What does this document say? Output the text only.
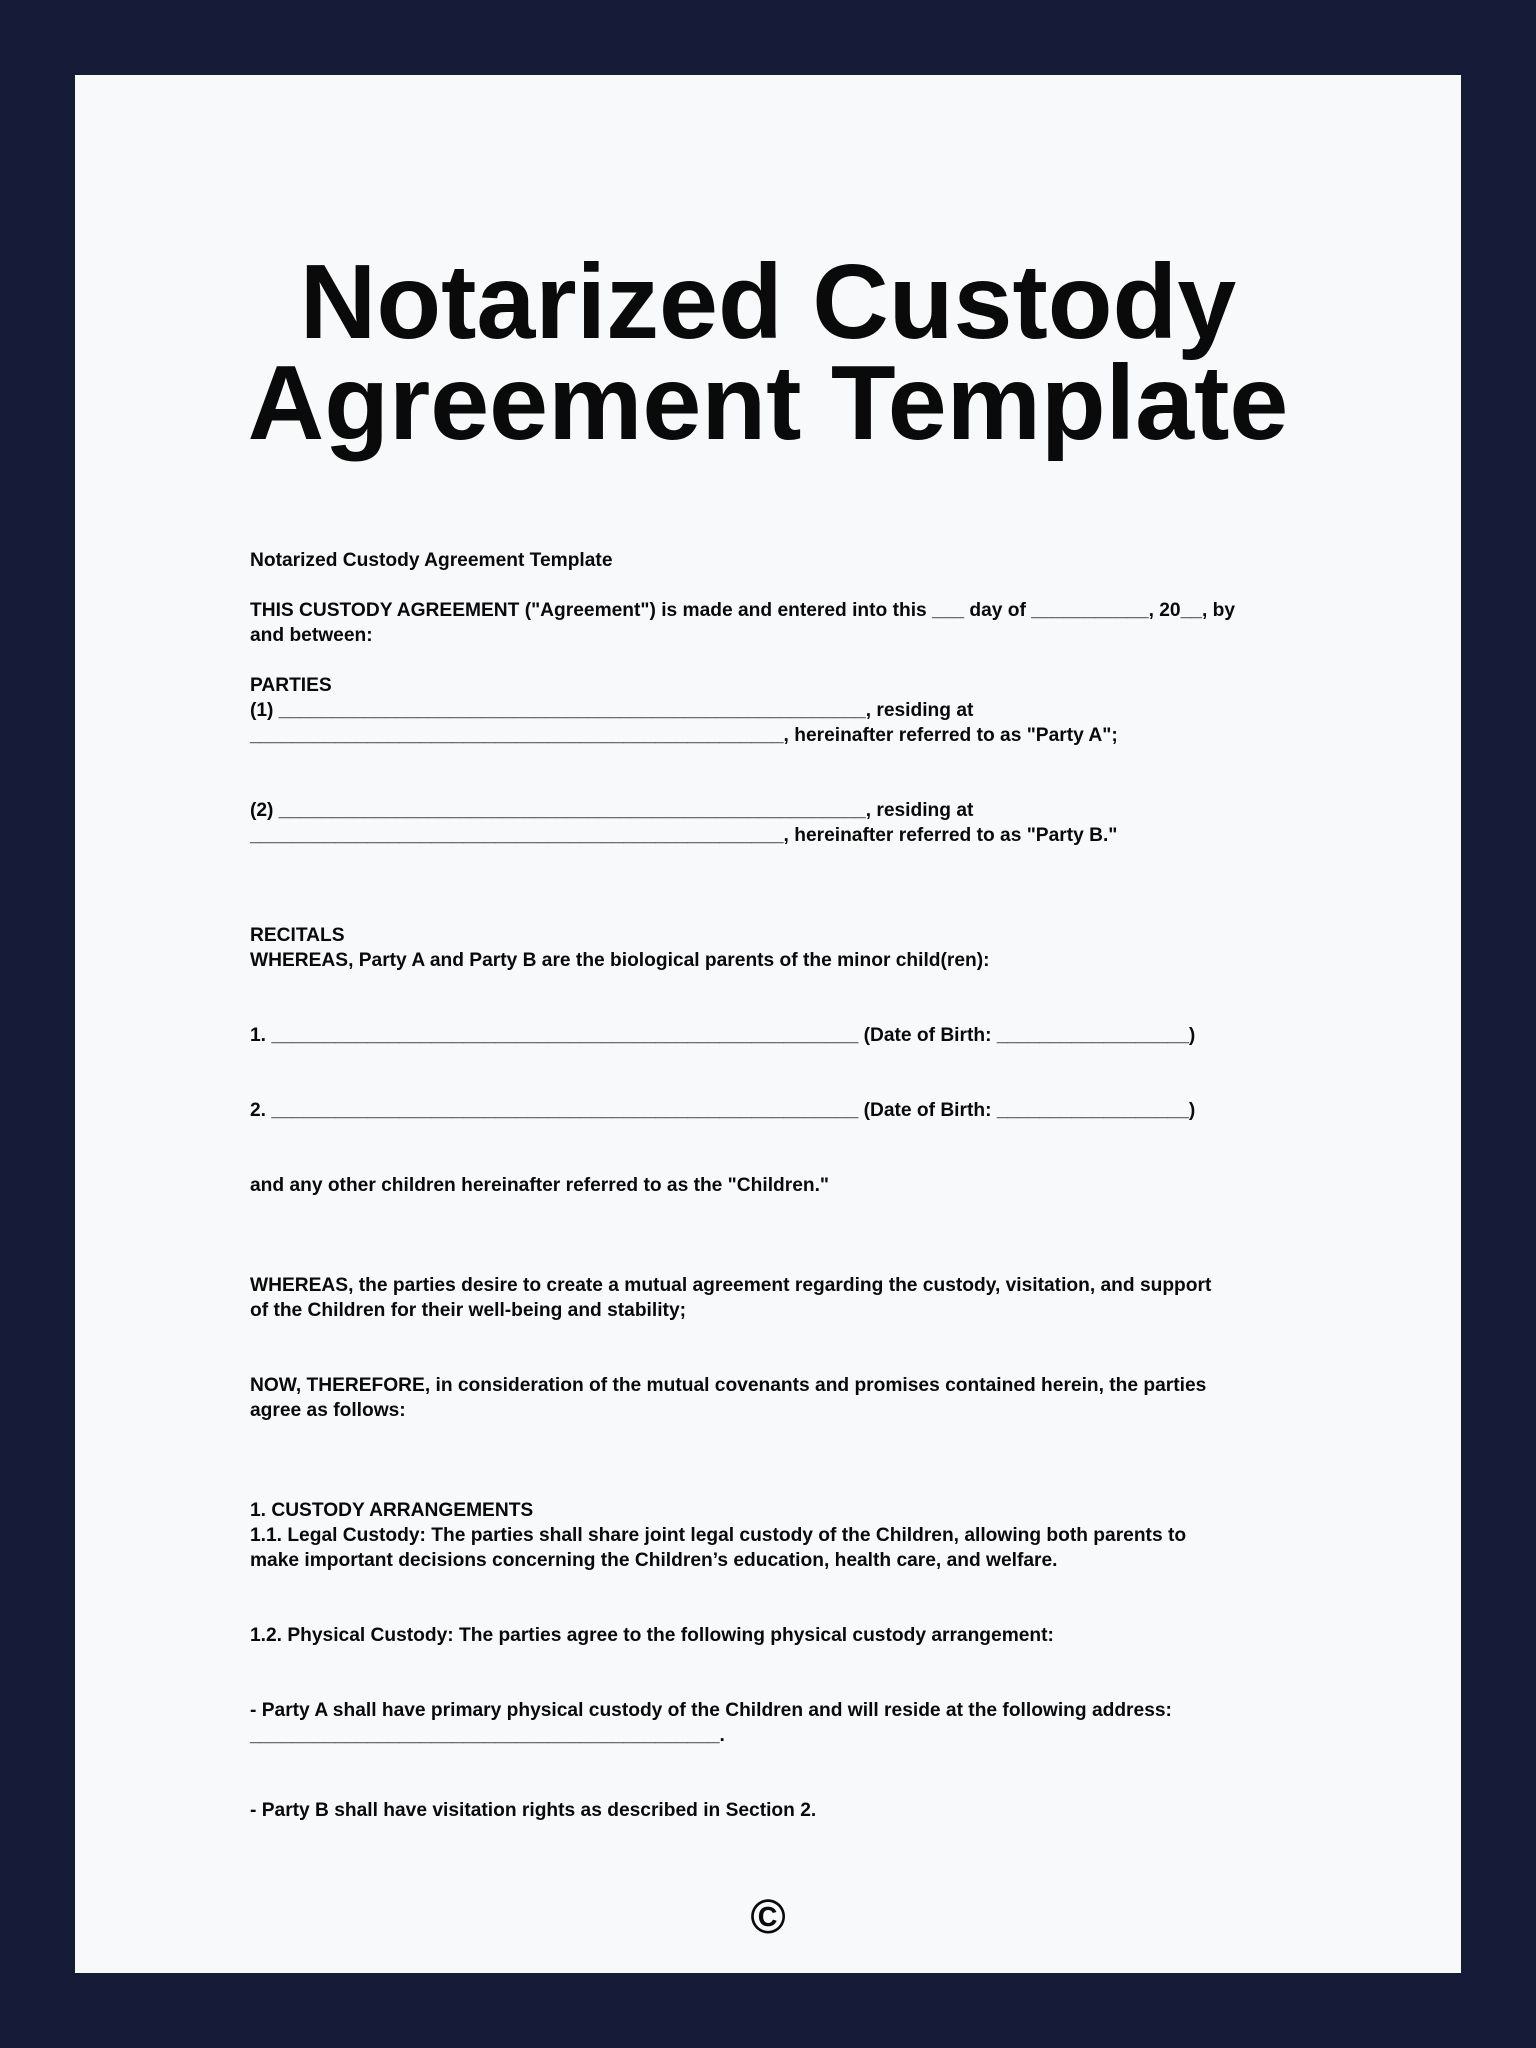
Notarized Custody
Agreement Template

Notarized Custody Agreement Template

THIS CUSTODY AGREEMENT ("Agreement") is made and entered into this ___ day of ___________, 20__, by

and between:

PARTIES

(1) _______________________________________________________, residing at

__________________________________________________, hereinafter referred to as "Party A";

(2) _______________________________________________________, residing at

__________________________________________________, hereinafter referred to as "Party B."

RECITALS

WHEREAS, Party A and Party B are the biological parents of the minor child(ren):

1. _______________________________________________________ (Date of Birth: __________________)

2. _______________________________________________________ (Date of Birth: __________________)

and any other children hereinafter referred to as the "Children."

WHEREAS, the parties desire to create a mutual agreement regarding the custody, visitation, and support

of the Children for their well-being and stability;

NOW, THEREFORE, in consideration of the mutual covenants and promises contained herein, the parties

agree as follows:

1. CUSTODY ARRANGEMENTS

1.1. Legal Custody: The parties shall share joint legal custody of the Children, allowing both parents to

make important decisions concerning the Children’s education, health care, and welfare.

1.2. Physical Custody: The parties agree to the following physical custody arrangement:

- Party A shall have primary physical custody of the Children and will reside at the following address:

____________________________________________.

- Party B shall have visitation rights as described in Section 2.

©
